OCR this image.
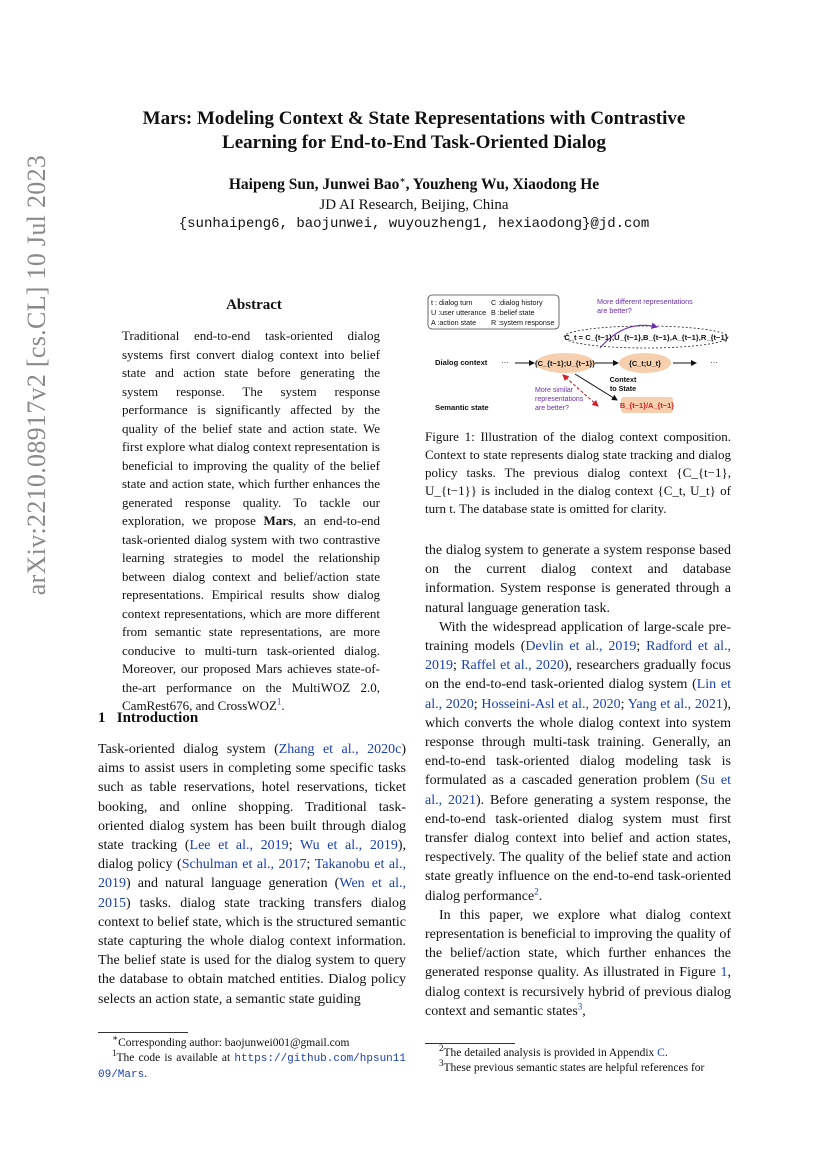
arXiv:2210.08917v2 [cs.CL] 10 Jul 2023
Mars: Modeling Context & State Representations with Contrastive
Learning for End-to-End Task-Oriented Dialog
Haipeng Sun, Junwei Bao∗, Youzheng Wu, Xiaodong He
JD AI Research, Beijing, China
{sunhaipeng6, baojunwei, wuyouzheng1, hexiaodong}@jd.com
Abstract
Traditional end-to-end task-oriented dialog systems first convert dialog context into belief state and action state before generating the system response. The system response performance is significantly affected by the quality of the belief state and action state. We first explore what dialog context representation is beneficial to improving the quality of the belief state and action state, which further enhances the generated response quality. To tackle our exploration, we propose Mars, an end-to-end task-oriented dialog system with two contrastive learning strategies to model the relationship between dialog context and belief/action state representations. Empirical results show dialog context representations, which are more different from semantic state representations, are more conducive to multi-turn task-oriented dialog. Moreover, our proposed Mars achieves state-of-the-art performance on the MultiWOZ 2.0, CamRest676, and CrossWOZ$^1$.
1 Introduction

Task-oriented dialog system (Zhang et al., 2020c) aims to assist users in completing some specific tasks such as table reservations, hotel reservations, ticket booking, and online shopping. Traditional task-oriented dialog system has been built through dialog state tracking (Lee et al., 2019; Wu et al., 2019), dialog policy (Schulman et al., 2017; Takanobu et al., 2019) and natural language generation (Wen et al., 2015) tasks. dialog state tracking transfers dialog context to belief state, which is the structured semantic state capturing the whole dialog context information. The belief state is used for the dialog system to query the database to obtain matched entities. Dialog policy selects an action state, a semantic state guiding

∗Corresponding author: baojunwei001@gmail.com
$^1$The code is available at https://github.com/hpsun1109/Mars.
t : dialog turn	C :dialog history
U :user utterance B :belief state
A :action state R :system response
More different representations
are better?
C_t = C_{t−1},U_{t−1},B_{t−1},A_{t−1},R_{t−1}
Dialog context
Semantic state
···	{C_{t−1};U_{t−1}}	{C_t;U_t}	···
Context
to State
More similar
representations
are better?	B_{t−1}/A_{t−1}
Figure 1: Illustration of the dialog context composition. Context to state represents dialog state tracking and dialog policy tasks. The previous dialog context {C_{t−1}, U_{t−1}} is included in the dialog context {C_t, U_t} of turn t. The database state is omitted for clarity.

the dialog system to generate a system response based on the current dialog context and database information. System response is generated through a natural language generation task.

With the widespread application of large-scale pre-training models (Devlin et al., 2019; Radford et al., 2019; Raffel et al., 2020), researchers gradually focus on the end-to-end task-oriented dialog system (Lin et al., 2020; Hosseini-Asl et al., 2020; Yang et al., 2021), which converts the whole dialog context into system response through multi-task training. Generally, an end-to-end task-oriented dialog modeling task is formulated as a cascaded generation problem (Su et al., 2021). Before generating a system response, the end-to-end task-oriented dialog system must first transfer dialog context into belief and action states, respectively. The quality of the belief state and action state greatly influence on the end-to-end task-oriented dialog performance$^2$.

In this paper, we explore what dialog context representation is beneficial to improving the quality of the belief/action state, which further enhances the generated response quality. As illustrated in Figure 1, dialog context is recursively hybrid of previous dialog context and semantic states$^3$,

$^2$The detailed analysis is provided in Appendix C.
$^3$These previous semantic states are helpful references for
